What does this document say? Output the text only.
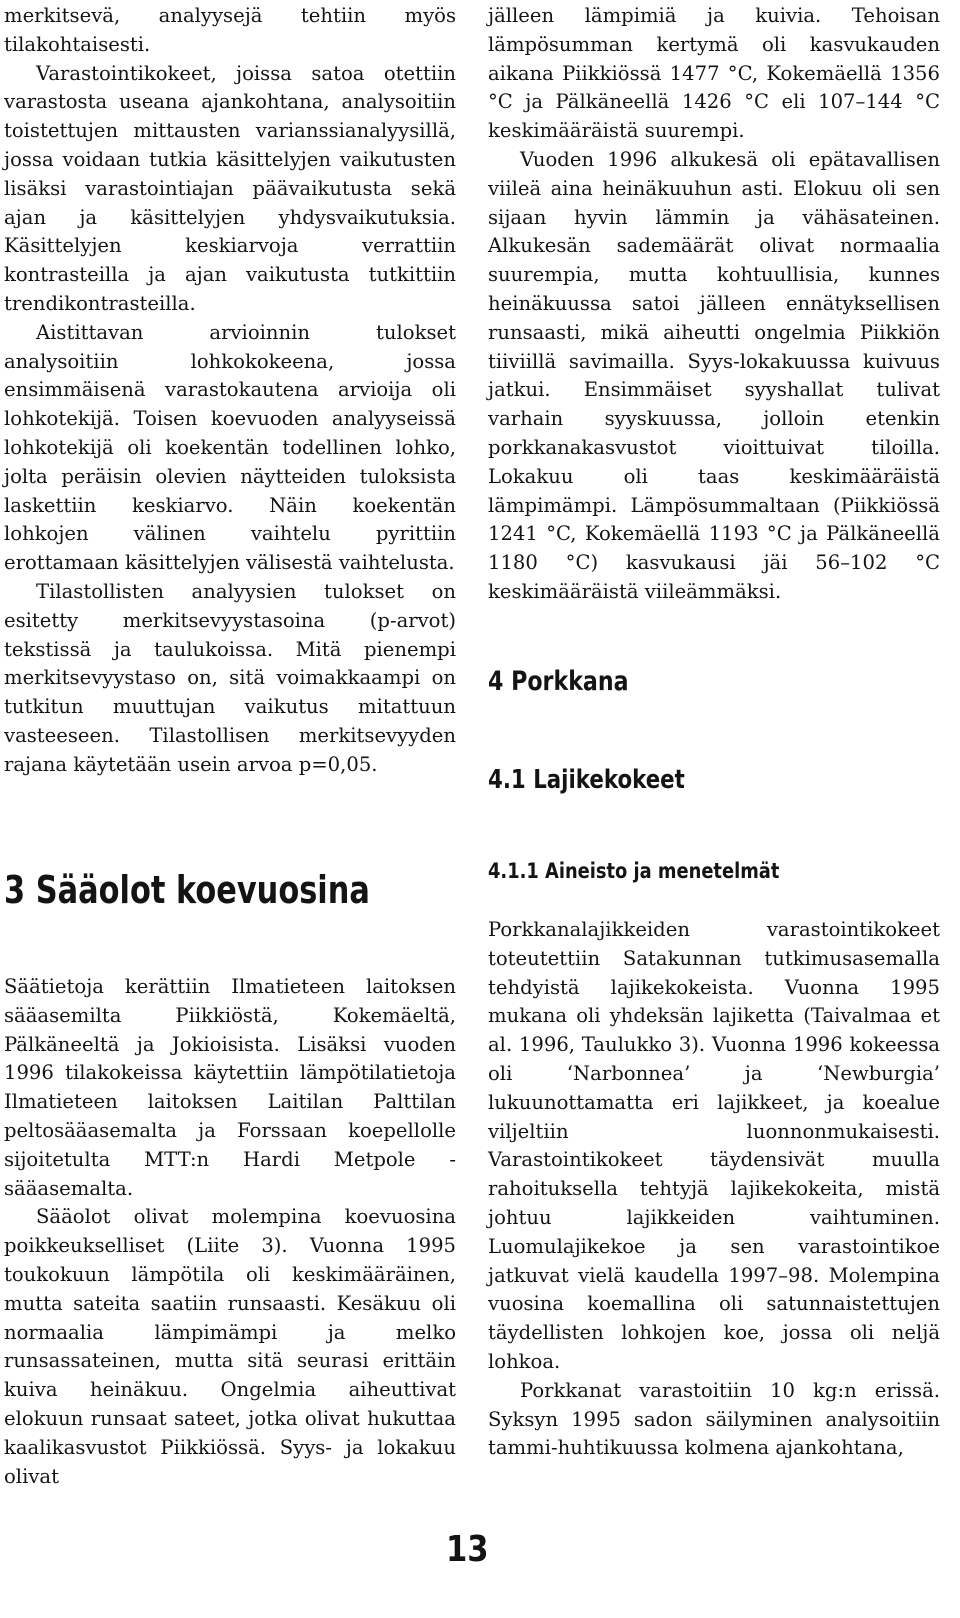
merkitsevä, analyysejä tehtiin myös tilakohtaisesti.

Varastointikokeet, joissa satoa otettiin varastosta useana ajankohtana, analysoitiin toistettujen mittausten varianssianalyysillä, jossa voidaan tutkia käsittelyjen vaikutusten lisäksi varastointiajan päävaikutusta sekä ajan ja käsittelyjen yhdysvaikutuksia. Käsittelyjen keskiarvoja verrattiin kontrasteilla ja ajan vaikutusta tutkittiin trendikontrasteilla.

Aistittavan arvioinnin tulokset analysoitiin lohkokokeena, jossa ensimmäisenä varastokautena arvioija oli lohkotekijä. Toisen koevuoden analyyseissä lohkotekijä oli koekentän todellinen lohko, jolta peräisin olevien näytteiden tuloksista laskettiin keskiarvo. Näin koekentän lohkojen välinen vaihtelu pyrittiin erottamaan käsittelyjen välisestä vaihtelusta.

Tilastollisten analyysien tulokset on esitetty merkitsevyystasoina (p-arvot) tekstissä ja taulukoissa. Mitä pienempi merkitsevyystaso on, sitä voimakkaampi on tutkitun muuttujan vaikutus mitattuun vasteeseen. Tilastollisen merkitsevyyden rajana käytetään usein arvoa p=0,05.

3 Sääolot koevuosina

Säätietoja kerättiin Ilmatieteen laitoksen sääasemilta Piikkiöstä, Kokemäeltä, Pälkäneeltä ja Jokioisista. Lisäksi vuoden 1996 tilakokeissa käytettiin lämpötilatietoja Ilmatieteen laitoksen Laitilan Palttilan peltosääasemalta ja Forssaan koepellolle sijoitetulta MTT:n Hardi Metpole -sääasemalta.

Sääolot olivat molempina koevuosina poikkeukselliset (Liite 3). Vuonna 1995 toukokuun lämpötila oli keskimääräinen, mutta sateita saatiin runsaasti. Kesäkuu oli normaalia lämpimämpi ja melko runsassateinen, mutta sitä seurasi erittäin kuiva heinäkuu. Ongelmia aiheuttivat elokuun runsaat sateet, jotka olivat hukuttaa kaalikasvustot Piikkiössä. Syys- ja lokakuu olivat

jälleen lämpimiä ja kuivia. Tehoisan lämpösumman kertymä oli kasvukauden aikana Piikkiössä 1477 °C, Kokemäellä 1356 °C ja Pälkäneellä 1426 °C eli 107–144 °C keskimääräistä suurempi.

Vuoden 1996 alkukesä oli epätavallisen viileä aina heinäkuuhun asti. Elokuu oli sen sijaan hyvin lämmin ja vähäsateinen. Alkukesän sademäärät olivat normaalia suurempia, mutta kohtuullisia, kunnes heinäkuussa satoi jälleen ennätyksellisen runsaasti, mikä aiheutti ongelmia Piikkiön tiiviillä savimailla. Syys-lokakuussa kuivuus jatkui. Ensimmäiset syyshallat tulivat varhain syyskuussa, jolloin etenkin porkkanakasvustot vioittuivat tiloilla. Lokakuu oli taas keskimääräistä lämpimämpi. Lämpösummaltaan (Piikkiössä 1241 °C, Kokemäellä 1193 °C ja Pälkäneellä 1180 °C) kasvukausi jäi 56–102 °C keskimääräistä viileämmäksi.

4 Porkkana
4.1 Lajikekokeet
4.1.1 Aineisto ja menetelmät

Porkkanalajikkeiden varastointikokeet toteutettiin Satakunnan tutkimusasemalla tehdyistä lajikekokeista. Vuonna 1995 mukana oli yhdeksän lajiketta (Taivalmaa et al. 1996, Taulukko 3). Vuonna 1996 kokeessa oli ‘Narbonnea’ ja ‘Newburgia’ lukuunottamatta eri lajikkeet, ja koealue viljeltiin luonnonmukaisesti. Varastointikokeet täydensivät muulla rahoituksella tehtyjä lajikekokeita, mistä johtuu lajikkeiden vaihtuminen. Luomulajikekoe ja sen varastointikoe jatkuvat vielä kaudella 1997–98. Molempina vuosina koemallina oli satunnaistettujen täydellisten lohkojen koe, jossa oli neljä lohkoa.

Porkkanat varastoitiin 10 kg:n erissä. Syksyn 1995 sadon säilyminen analysoitiin tammi-huhtikuussa kolmena ajankohtana,

13
